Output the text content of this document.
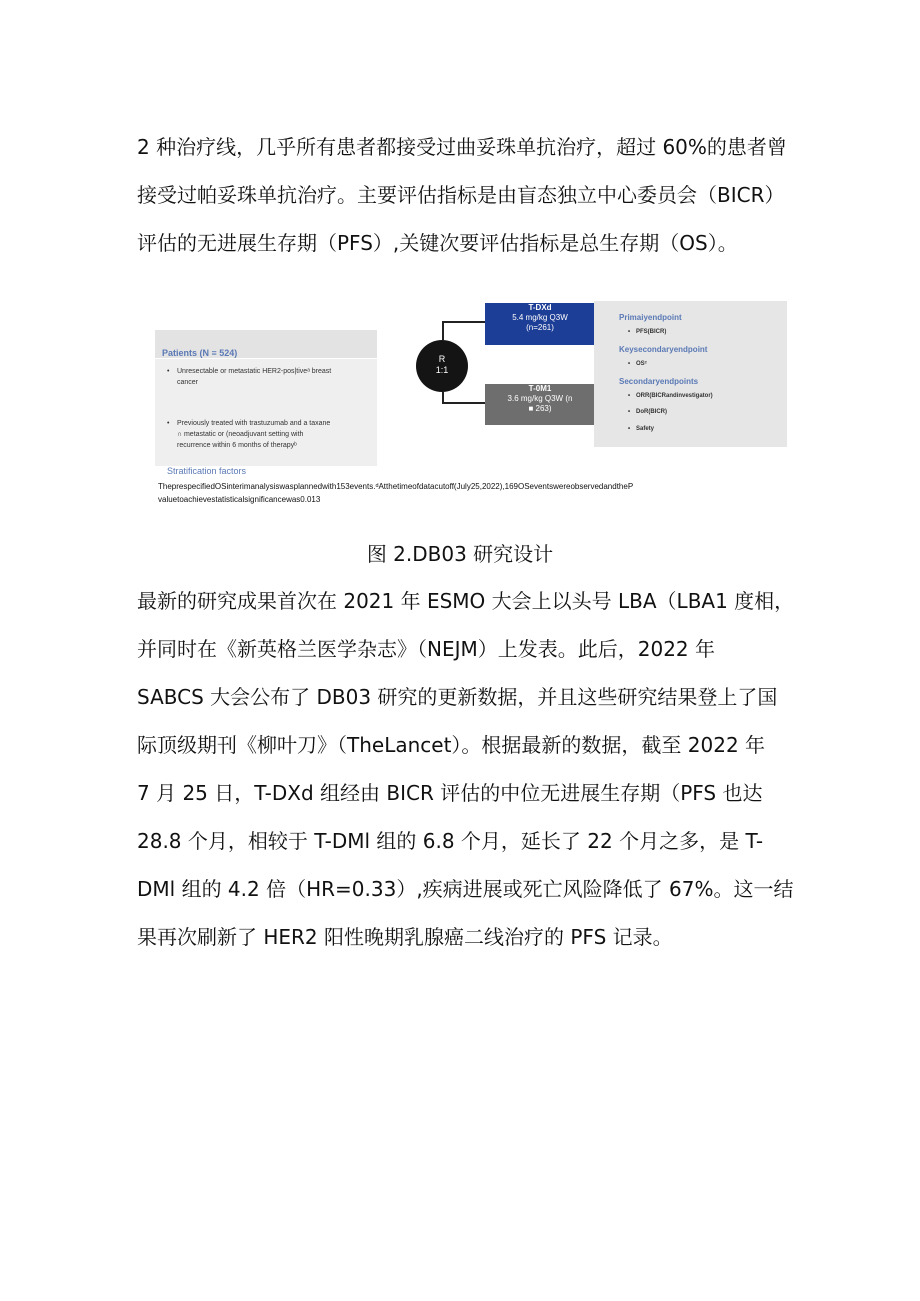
2 种治疗线，几乎所有患者都接受过曲妥珠单抗治疗，超过 60%的患者曾
接受过帕妥珠单抗治疗。主要评估指标是由盲态独立中心委员会（BICR）
评估的无进展生存期（PFS）,关键次要评估指标是总生存期（OS）。
Patients (N ≡ 524)
• Unresectable or metastatic HER2-pos|tiveᵃ breast
cancer
• Previously treated with trastuzumab and a taxane
∩ metastatic or (neoadjuvant setting with
recurrence within 6 months of therapyᵇ
Stratification factors
R
1:1
T-DXd
5.4 mg/kg Q3W
(n=261)
T-0M1
3.6 mg/kg Q3W (n
■ 263)
Primaiyendpoint
• PFS(BICR)
Keysecondaryendpoint
• OSᶜ
Secondaryendpoints
• ORR(BICRandinvestigator)
• DoR(BICR)
• Safety
TheprespecifiedOSinterimanalysiswasplannedwith153events.ᵈAtthetimeofdatacutoff(July25,2022),169OSeventswereobservedandtheP
valuetoachievestatisticalsignificancewas0.013
图 2.DB03 研究设计
最新的研究成果首次在 2021 年 ESMO 大会上以头号 LBA（LBA1 度相，
并同时在《新英格兰医学杂志》（NEJM）上发表。此后，2022 年
SABCS 大会公布了 DB03 研究的更新数据，并且这些研究结果登上了国
际顶级期刊《柳叶刀》（TheLancet）。根据最新的数据，截至 2022 年
7 月 25 日，T-DXd 组经由 BICR 评估的中位无进展生存期（PFS 也达
28.8 个月，相较于 T-DMl 组的 6.8 个月，延长了 22 个月之多，是 T-
DMl 组的 4.2 倍（HR=0.33）,疾病进展或死亡风险降低了 67%。这一结
果再次刷新了 HER2 阳性晚期乳腺癌二线治疗的 PFS 记录。
